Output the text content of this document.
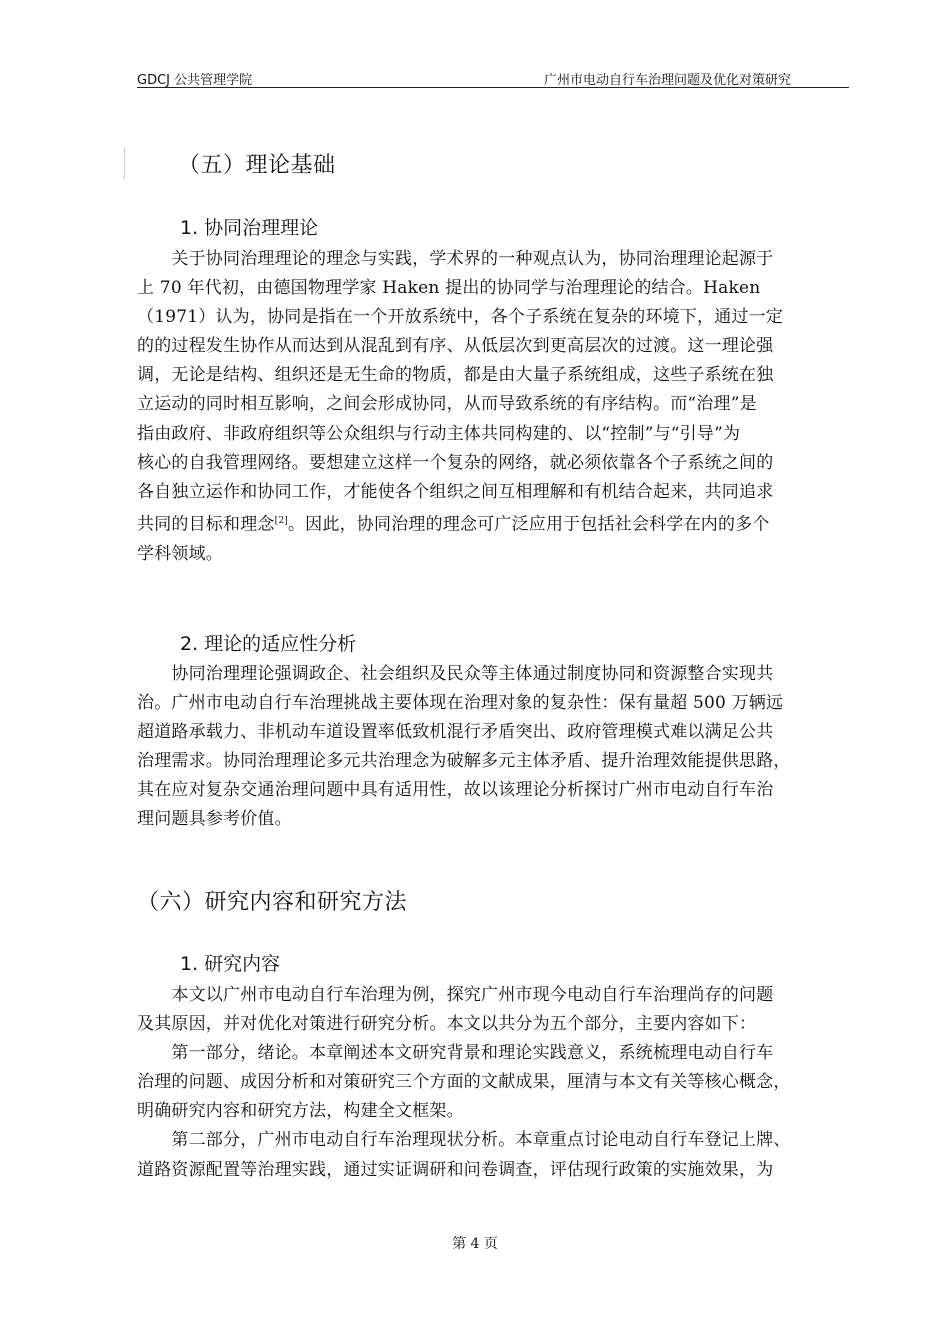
GDCJ 公共管理学院	广州市电动自行车治理问题及优化对策研究
（五）理论基础
1. 协同治理理论
　　关于协同治理理论的理念与实践，学术界的一种观点认为，协同治理理论起源于
上 70 年代初，由德国物理学家 Haken 提出的协同学与治理理论的结合。Haken
（1971）认为，协同是指在一个开放系统中，各个子系统在复杂的环境下，通过一定
的的过程发生协作从而达到从混乱到有序、从低层次到更高层次的过渡。这一理论强
调，无论是结构、组织还是无生命的物质，都是由大量子系统组成，这些子系统在独
立运动的同时相互影响，之间会形成协同，从而导致系统的有序结构。而“治理”是
指由政府、非政府组织等公众组织与行动主体共同构建的、以“控制”与“引导”为
核心的自我管理网络。要想建立这样一个复杂的网络，就必须依靠各个子系统之间的
各自独立运作和协同工作，才能使各个组织之间互相理解和有机结合起来，共同追求
共同的目标和理念[2]。因此，协同治理的理念可广泛应用于包括社会科学在内的多个
学科领域。
2. 理论的适应性分析
　　协同治理理论强调政企、社会组织及民众等主体通过制度协同和资源整合实现共
治。广州市电动自行车治理挑战主要体现在治理对象的复杂性：保有量超 500 万辆远
超道路承载力、非机动车道设置率低致机混行矛盾突出、政府管理模式难以满足公共
治理需求。协同治理理论多元共治理念为破解多元主体矛盾、提升治理效能提供思路，
其在应对复杂交通治理问题中具有适用性，故以该理论分析探讨广州市电动自行车治
理问题具参考价值。
（六）研究内容和研究方法
1. 研究内容
　　本文以广州市电动自行车治理为例，探究广州市现今电动自行车治理尚存的问题
及其原因，并对优化对策进行研究分析。本文以共分为五个部分，主要内容如下：
　　第一部分，绪论。本章阐述本文研究背景和理论实践意义，系统梳理电动自行车
治理的问题、成因分析和对策研究三个方面的文献成果，厘清与本文有关等核心概念，
明确研究内容和研究方法，构建全文框架。
　　第二部分，广州市电动自行车治理现状分析。本章重点讨论电动自行车登记上牌、
道路资源配置等治理实践，通过实证调研和问卷调查，评估现行政策的实施效果，为
第 4 页
